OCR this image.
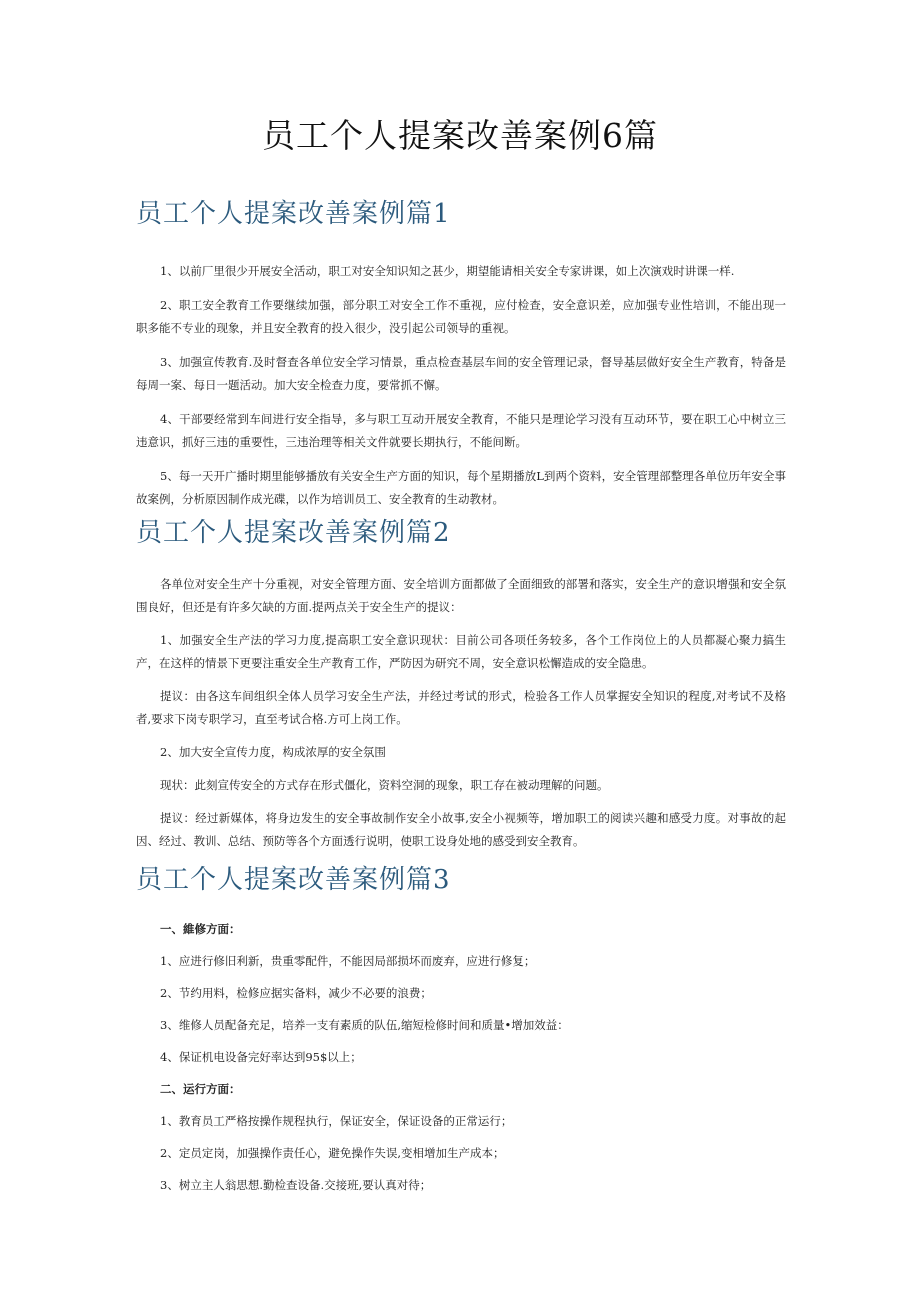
员工个人提案改善案例6篇
员工个人提案改善案例篇1

1、以前厂里很少开展安全活动，职工对安全知识知之甚少，期望能请相关安全专家讲课，如上次演戏时讲课一样.

2、职工安全教育工作要继续加强，部分职工对安全工作不重视，应付检查，安全意识差，应加强专业性培训，不能出现一职多能不专业的现象，并且安全教育的投入很少，没引起公司领导的重视。

3、加强宣传教育.及时督查各单位安全学习情景，重点检查基层车间的安全管理记录，督导基层做好安全生产教育，特备是每周一案、每日一题活动。加大安全检查力度，要常抓不懈。

4、干部要经常到车间进行安全指导，多与职工互动开展安全教育，不能只是理论学习没有互动环节，要在职工心中树立三违意识，抓好三违的重要性，三违治理等相关文件就要长期执行，不能间断。

5、每一天开广播时期里能够播放有关安全生产方面的知识，每个星期播放L到两个资料，安全管理部整理各单位历年安全事故案例，分析原因制作成光碟，以作为培训员工、安全教育的生动教材。

员工个人提案改善案例篇2

各单位对安全生产十分重视，对安全管理方面、安全培训方面都做了全面细致的部署和落实，安全生产的意识增强和安全氛围良好，但还是有许多欠缺的方面.提两点关于安全生产的提议：

1、加强安全生产法的学习力度,提高职工安全意识现状：目前公司各项任务较多，各个工作岗位上的人员都凝心聚力搞生产，在这样的情景下更要注重安全生产教育工作，严防因为研究不周，安全意识松懈造成的安全隐患。

提议：由各这车间组织全体人员学习安全生产法，并经过考试的形式，检验各工作人员掌握安全知识的程度,对考试不及格者,要求下岗专职学习，直至考试合格.方可上岗工作。

2、加大安全宣传力度，构成浓厚的安全氛围

现状：此刻宣传安全的方式存在形式僵化，资料空洞的现象，职工存在被动理解的问题。

提议：经过新媒体，将身边发生的安全事故制作安全小故事,安全小视频等，增加职工的阅读兴趣和感受力度。对事故的起因、经过、教训、总结、预防等各个方面透行说明，使职工设身处地的感受到安全教育。

员工个人提案改善案例篇3

一、維修方面：

1、应进行修旧利新，贵重零配件，不能因局部损坏而废弃，应进行修复；

2、节约用料，检修应据实备料，减少不必要的浪费；

3、维修人员配备充足，培养一支有素质的队伍,缩短检修时间和质量•增加效益：

4、保证机电设备完好率达到95$以上；

二、运行方面：

1、教育员工严格按操作规程执行，保证安全，保证设备的正常运行；

2、定员定岗，加强操作责任心，避免操作失误,变相增加生产成本；

3、树立主人翁思想.勤检查设备.交接班,要认真对待；
